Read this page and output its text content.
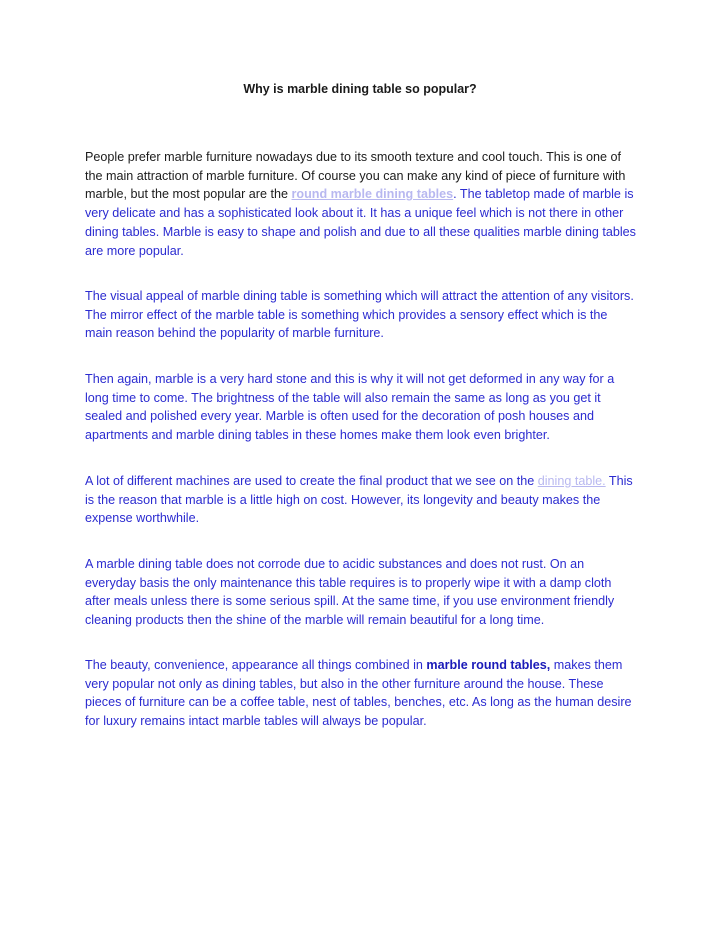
Why is marble dining table so popular?

People prefer marble furniture nowadays due to its smooth texture and cool touch. This is one of the main attraction of marble furniture. Of course you can make any kind of piece of furniture with marble, but the most popular are the round marble dining tables. The tabletop made of marble is very delicate and has a sophisticated look about it. It has a unique feel which is not there in other dining tables. Marble is easy to shape and polish and due to all these qualities marble dining tables are more popular.

The visual appeal of marble dining table is something which will attract the attention of any visitors. The mirror effect of the marble table is something which provides a sensory effect which is the main reason behind the popularity of marble furniture.

Then again, marble is a very hard stone and this is why it will not get deformed in any way for a long time to come. The brightness of the table will also remain the same as long as you get it sealed and polished every year. Marble is often used for the decoration of posh houses and apartments and marble dining tables in these homes make them look even brighter.

A lot of different machines are used to create the final product that we see on the dining table. This is the reason that marble is a little high on cost. However, its longevity and beauty makes the expense worthwhile.

A marble dining table does not corrode due to acidic substances and does not rust. On an everyday basis the only maintenance this table requires is to properly wipe it with a damp cloth after meals unless there is some serious spill. At the same time, if you use environment friendly cleaning products then the shine of the marble will remain beautiful for a long time.

The beauty, convenience, appearance all things combined in marble round tables, makes them very popular not only as dining tables, but also in the other furniture around the house. These pieces of furniture can be a coffee table, nest of tables, benches, etc. As long as the human desire for luxury remains intact marble tables will always be popular.
